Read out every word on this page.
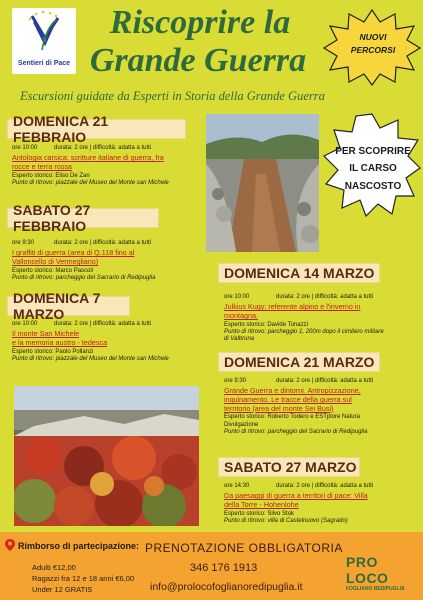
Sentieri di Pace
Riscoprire la
Grande Guerra
NUOVI
PERCORSI
Escursioni guidate da Esperti in Storia della Grande Guerra
PER SCOPRIRE
IL CARSO
NASCOSTO
DOMENICA 21 FEBBRAIO
ore 10:00	durata: 2 ore | difficoltà: adatta a tutti
Antologia carsica: scritture italiane di guerra, fra
rocce e terra rossa
Esperto storico: Eliso De Zan
Punto di ritrovo: piazzale del Museo del Monte san Michele
SABATO 27 FEBBRAIO
ore 9:30	durata: 2 ore | difficoltà: adatta a tutti
I graffiti di guerra (area di Q.118 fino al
Valloncello di Vermegliano)
Esperto storico: Marco Pascoli
Punto di ritrovo: parcheggio del Sacrario di Redipuglia
DOMENICA 7 MARZO
ore 10:00	durata: 2 ore | difficoltà: adatta a tutti
Il monte San Michele
e la memoria austro - tedesca
Esperto storico: Paolo Pollanzi
Punto di ritrovo: piazzale del Museo del Monte san Michele
DOMENICA 14 MARZO
ore 10:00	durata: 2 ore | difficoltà: adatta a tutti
Julkius Kugy: referente alpino e l'inverno in
montagna.
Esperto storico: Davide Tonazzi
Punto di ritrovo: parcheggio 1, 200m dopo il cimitero militare
di Valbruna
DOMENICA 21 MARZO
ore 9:30	durata: 2 ore | difficoltà: adatta a tutti
Grande Guerra e dintorni. Antropizzazione,
inquinamento. Le tracce della guerra sul
territorio (area del monte Sei Busi)
Esperto storico: Roberto Todero e ESTplore Natura
Divulgazione
Punto di ritrovo: parcheggio del Sacrario di Redipuglia
SABATO 27 MARZO
ore 14:30	durata: 2 ore | difficoltà: adatta a tutti
Da paesaggi di guerra a territori di pace: Villa
della Torre - Hohenlohe
Esperto storico: Silvo Stok
Punto di ritrovo: villa di Castelnuovo (Sagrado)
Rimborso di partecipazione:
Adulti €12,00
Ragazzi fra 12 e 18 anni €6,00
Under 12 GRATIS
PRENOTAZIONE OBBLIGATORIA
346 176 1913
info@prolocofoglianoredipuglia.it
PRO LOCO
FOGLIANO REDIPUGLIA
